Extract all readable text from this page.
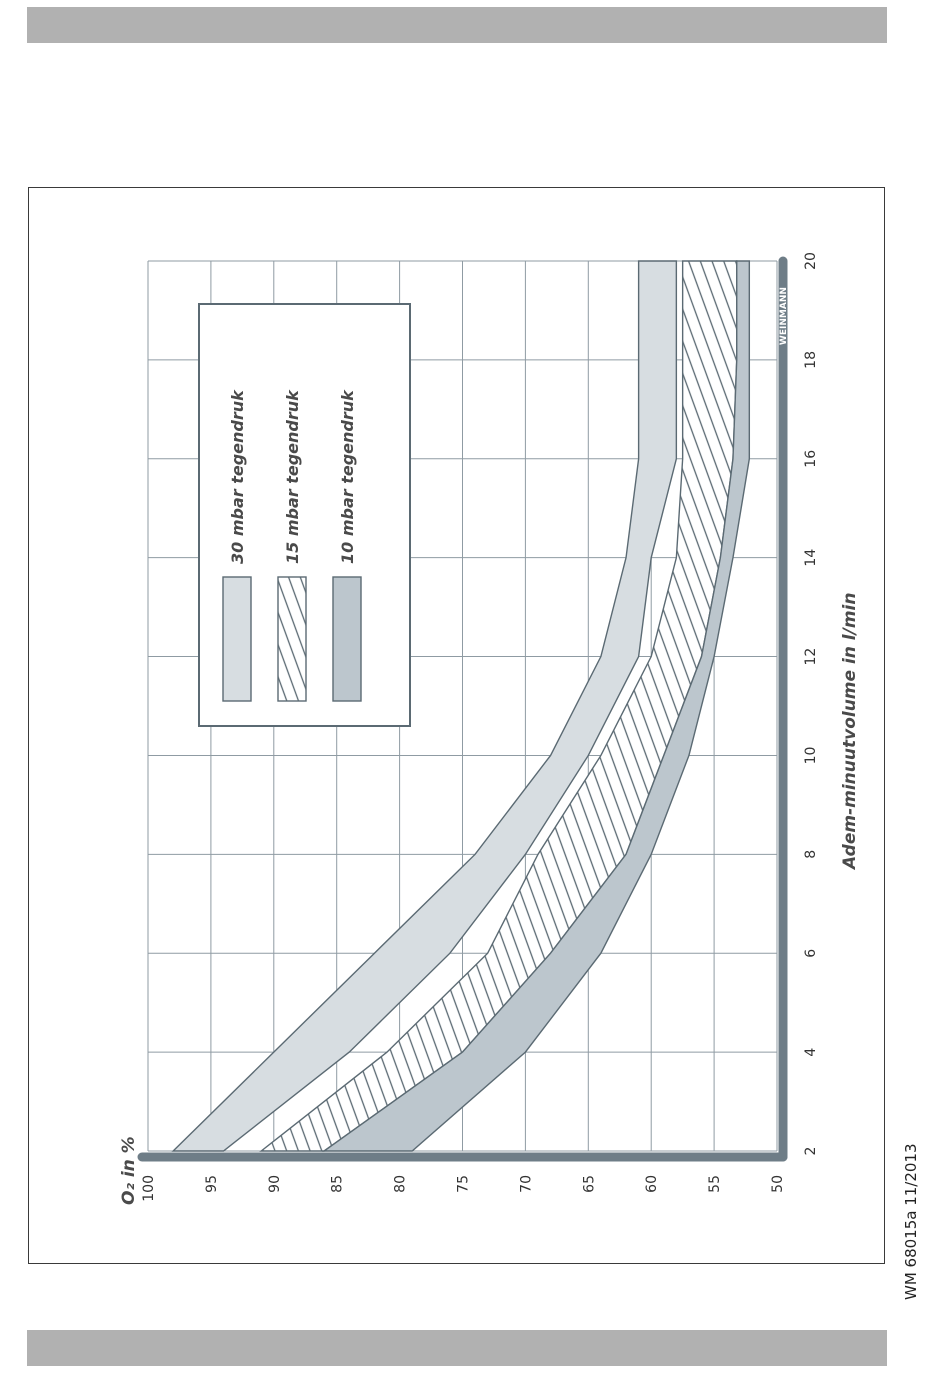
50
55
60
65
70
75
80
85
90
95
100
2
4
6
8
10
12
14
16
18
20
O₂ in %
Adem-minuutvolume in l/min
30 mbar tegendruk 15 mbar tegendruk 10 mbar tegendruk
WEINMANN
WM 68015a 11/2013
